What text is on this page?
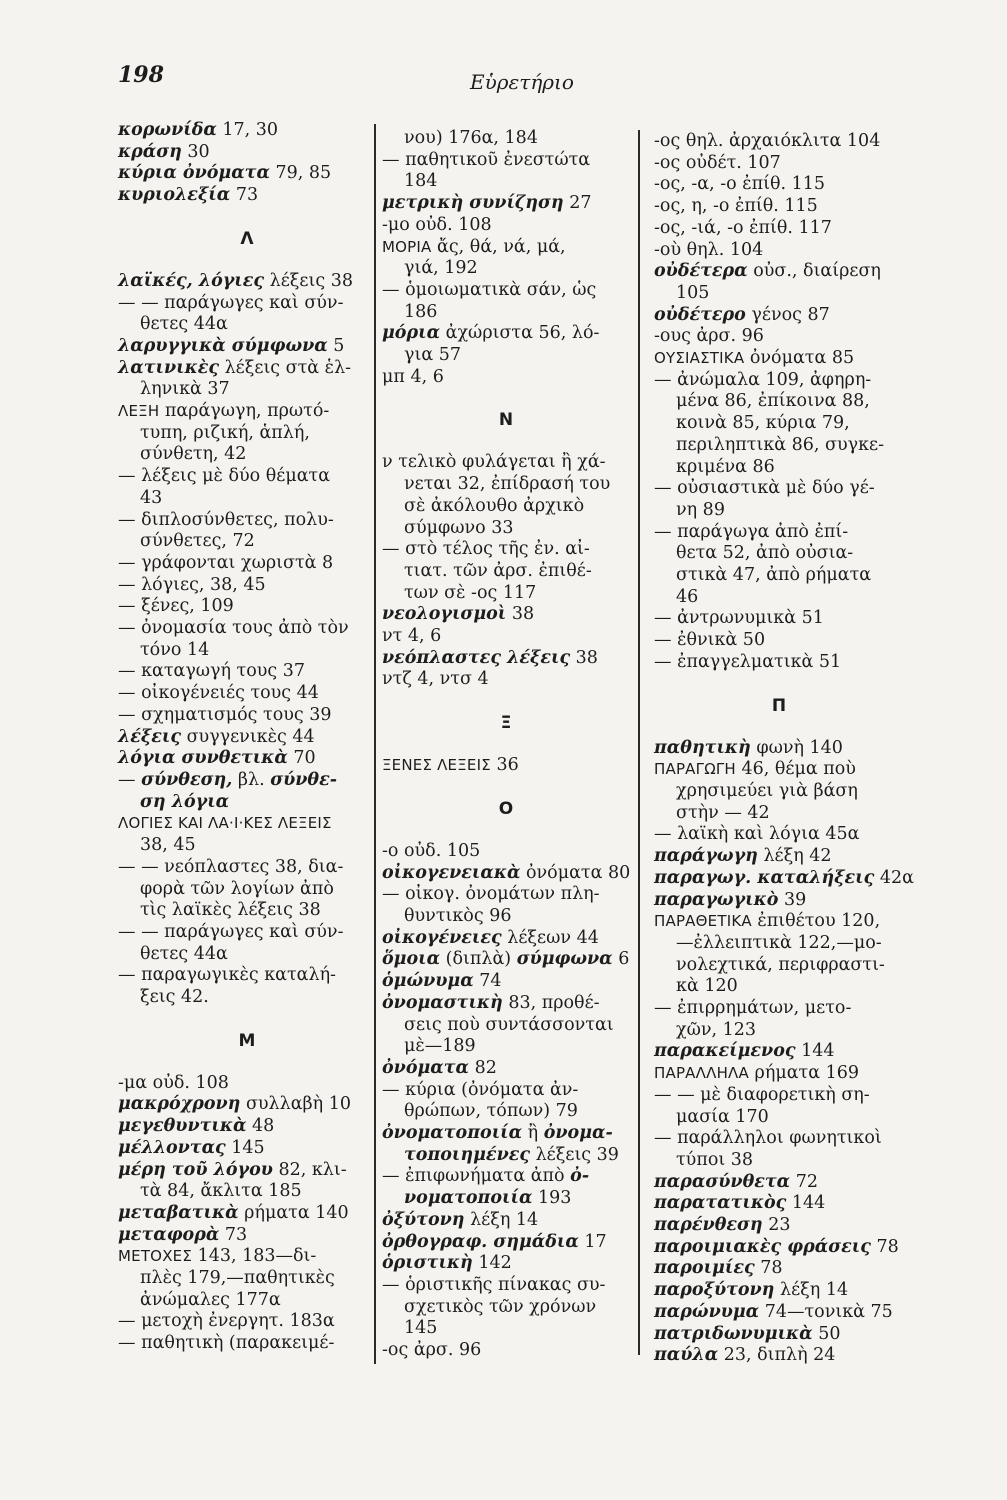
198	Εὑρετήριο
κορωνίδα 17, 30
κράση 30
κύρια ὀνόματα 79, 85
κυριολεξία 73
Λ
λαϊκές, λόγιες λέξεις 38
— — παράγωγες καὶ σύν-
θετες 44α
λαρυγγικὰ σύμφωνα 5
λατινικὲς λέξεις στὰ ἑλ-
ληνικὰ 37
ΛΕΞΗ παράγωγη, πρωτό-
τυπη, ριζική, ἁπλή,
σύνθετη, 42
— λέξεις μὲ δύο θέματα
43
— διπλοσύνθετες, πολυ-
σύνθετες, 72
— γράφονται χωριστὰ 8
— λόγιες, 38, 45
— ξένες, 109
— ὀνομασία τους ἀπὸ τὸν
τόνο 14
— καταγωγή τους 37
— οἰκογένειές τους 44
— σχηματισμός τους 39
λέξεις συγγενικὲς 44
λόγια συνθετικὰ 70
— σύνθεση, βλ. σύνθε-
ση λόγια
ΛΟΓΙΕΣ ΚΑΙ ΛΑ·Ι·ΚΕΣ ΛΕΞΕΙΣ
38, 45
— — νεόπλαστες 38, δια-
φορὰ τῶν λογίων ἀπὸ
τὶς λαϊκὲς λέξεις 38
— — παράγωγες καὶ σύν-
θετες 44α
— παραγωγικὲς καταλή-
ξεις 42.
Μ
-μα οὐδ. 108
μακρόχρονη συλλαβὴ 10
μεγεθυντικὰ 48
μέλλοντας 145
μέρη τοῦ λόγου 82, κλι-
τὰ 84, ἄκλιτα 185
μεταβατικὰ ρήματα 140
μεταφορὰ 73
ΜΕΤΟΧΕΣ 143, 183—δι-
πλὲς 179,—παθητικὲς
ἀνώμαλες 177α
— μετοχὴ ἐνεργητ. 183α
— παθητικὴ (παρακειμέ-
νου) 176α, 184
— παθητικοῦ ἐνεστώτα
184
μετρικὴ συνίζηση 27
-μο οὐδ. 108
ΜΟΡΙΑ ἄς, θά, νά, μά,
γιά, 192
— ὁμοιωματικὰ σάν, ὡς
186
μόρια ἀχώριστα 56, λό-
για 57
μπ 4, 6
Ν
ν τελικὸ φυλάγεται ἢ χά-
νεται 32, ἐπίδρασή του
σὲ ἀκόλουθο ἀρχικὸ
σύμφωνο 33
— στὸ τέλος τῆς ἐν. αἰ-
τιατ. τῶν ἀρσ. ἐπιθέ-
των σὲ -ος 117
νεολογισμοὶ 38
ντ 4, 6
νεόπλαστες λέξεις 38
ντζ 4, ντσ 4
Ξ
ΞΕΝΕΣ ΛΕΞΕΙΣ 36
Ο
-ο οὐδ. 105
οἰκογενειακὰ ὀνόματα 80
— οἰκογ. ὀνομάτων πλη-
θυντικὸς 96
οἰκογένειες λέξεων 44
ὅμοια (διπλὰ) σύμφωνα 6
ὁμώνυμα 74
ὀνομαστικὴ 83, προθέ-
σεις ποὺ συντάσσονται
μὲ—189
ὀνόματα 82
— κύρια (ὀνόματα ἀν-
θρώπων, τόπων) 79
ὀνοματοποιία ἢ ὀνομα-
τοποιημένες λέξεις 39
— ἐπιφωνήματα ἀπὸ ὀ-
νοματοποιία 193
ὀξύτονη λέξη 14
ὀρθογραφ. σημάδια 17
ὁριστικὴ 142
— ὁριστικῆς πίνακας συ-
σχετικὸς τῶν χρόνων
145
-ος ἀρσ. 96
-ος θηλ. ἀρχαιόκλιτα 104
-ος οὐδέτ. 107
-ος, -α, -ο ἐπίθ. 115
-ος, η, -ο ἐπίθ. 115
-ος, -ιά, -ο ἐπίθ. 117
-οὺ θηλ. 104
οὐδέτερα οὐσ., διαίρεση
105
οὐδέτερο γένος 87
-ους ἀρσ. 96
ΟΥΣΙΑΣΤΙΚΑ ὀνόματα 85
— ἀνώμαλα 109, ἀφηρη-
μένα 86, ἐπίκοινα 88,
κοινὰ 85, κύρια 79,
περιληπτικὰ 86, συγκε-
κριμένα 86
— οὐσιαστικὰ μὲ δύο γέ-
νη 89
— παράγωγα ἀπὸ ἐπί-
θετα 52, ἀπὸ οὐσια-
στικὰ 47, ἀπὸ ρήματα
46
— ἀντρωνυμικὰ 51
— ἐθνικὰ 50
— ἐπαγγελματικὰ 51
Π
παθητικὴ φωνὴ 140
ΠΑΡΑΓΩΓΗ 46, θέμα ποὺ
χρησιμεύει γιὰ βάση
στὴν — 42
— λαϊκὴ καὶ λόγια 45α
παράγωγη λέξη 42
παραγωγ. καταλήξεις 42α
παραγωγικὸ 39
ΠΑΡΑΘΕΤΙΚΑ ἐπιθέτου 120,
—ἐλλειπτικὰ 122,—μο-
νολεχτικά, περιφραστι-
κὰ 120
— ἐπιρρημάτων, μετο-
χῶν, 123
παρακείμενος 144
ΠΑΡΑΛΛΗΛΑ ρήματα 169
— — μὲ διαφορετικὴ ση-
μασία 170
— παράλληλοι φωνητικοὶ
τύποι 38
παρασύνθετα 72
παρατατικὸς 144
παρένθεση 23
παροιμιακὲς φράσεις 78
παροιμίες 78
παροξύτονη λέξη 14
παρώνυμα 74—τονικὰ 75
πατριδωνυμικὰ 50
παύλα 23, διπλὴ 24
